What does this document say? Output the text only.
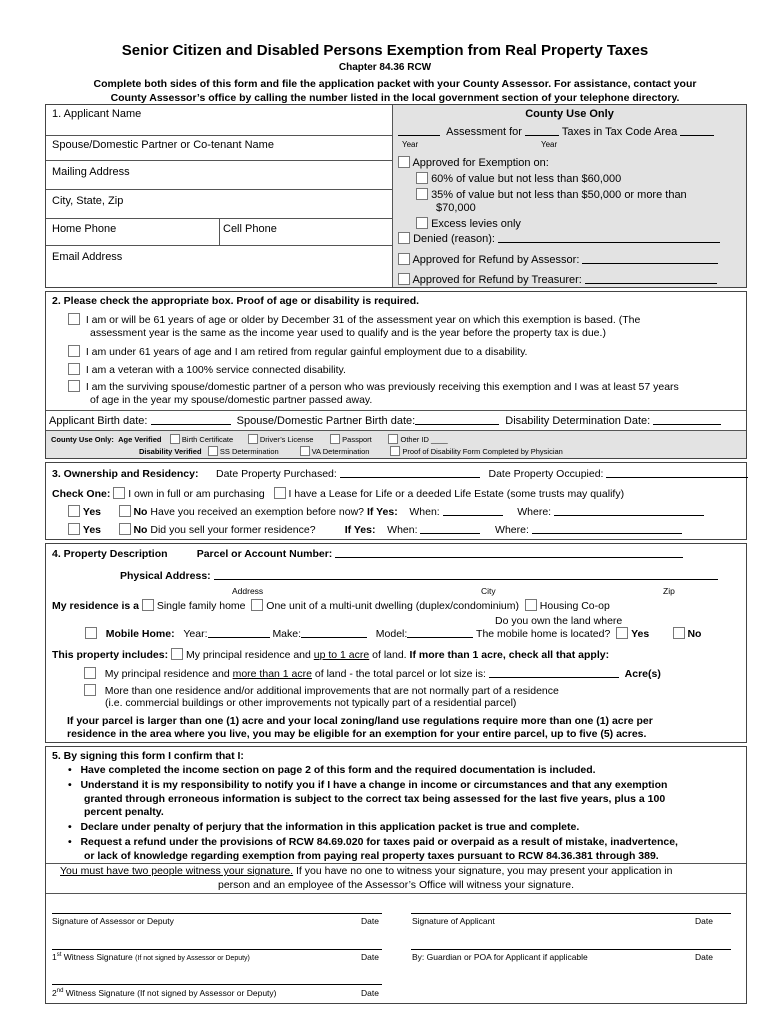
Senior Citizen and Disabled Persons Exemption from Real Property Taxes
Chapter 84.36 RCW
Complete both sides of this form and file the application packet with your County Assessor. For assistance, contact your
County Assessor’s office by calling the number listed in the local government section of your telephone directory.
1. Applicant Name
Spouse/Domestic Partner or Co-tenant Name
Mailing Address
City, State, Zip
Home Phone	Cell Phone
Email Address
County Use Only
Assessment for	Taxes in Tax Code Area
Year	Year
Approved for Exemption on:
60% of value but not less than $60,000
35% of value but not less than $50,000 or more than
$70,000
Excess levies only
Denied (reason):
Approved for Refund by Assessor:
Approved for Refund by Treasurer:
2. Please check the appropriate box. Proof of age or disability is required.
I am or will be 61 years of age or older by December 31 of the assessment year on which this exemption is based. (The
assessment year is the same as the income year used to qualify and is the year before the property tax is due.)
I am under 61 years of age and I am retired from regular gainful employment due to a disability.
I am a veteran with a 100% service connected disability.
I am the surviving spouse/domestic partner of a person who was previously receiving this exemption and I was at least 57 years
of age in the year my spouse/domestic partner passed away.
Applicant Birth date:	Spouse/Domestic Partner Birth date:	Disability Determination Date:
County Use Only: Age Verified	Birth Certificate	Driver’s License	Passport	Other ID ____
Disability Verified SS Determination	VA Determination	Proof of Disability Form Completed by Physician
3. Ownership and Residency: Date Property Purchased:	Date Property Occupied:
Check One: I own in full or am purchasing I have a Lease for Life or a deeded Life Estate (some trusts may qualify)
Yes	No Have you received an exemption before now? If Yes: When:	Where:
Yes	No Did you sell your former residence?	If Yes: When:	Where:
4. Property Description	Parcel or Account Number:
Physical Address:
Address	City	Zip
My residence is a Single family home One unit of a multi-unit dwelling (duplex/condominium) Housing Co-op
Do you own the land where
Mobile Home: Year:	Make:	Model:	The mobile home is located? Yes	No
This property includes: My principal residence and up to 1 acre of land. If more than 1 acre, check all that apply:
My principal residence and more than 1 acre of land - the total parcel or lot size is:	Acre(s)
More than one residence and/or additional improvements that are not normally part of a residence
(i.e. commercial buildings or other improvements not typically part of a residential parcel)
If your parcel is larger than one (1) acre and your local zoning/land use regulations require more than one (1) acre per
residence in the area where you live, you may be eligible for an exemption for your entire parcel, up to five (5) acres.
5. By signing this form I confirm that I:
•   Have completed the income section on page 2 of this form and the required documentation is included.
•   Understand it is my responsibility to notify you if I have a change in income or circumstances and that any exemption
granted through erroneous information is subject to the correct tax being assessed for the last five years, plus a 100
percent penalty.
•   Declare under penalty of perjury that the information in this application packet is true and complete.
•   Request a refund under the provisions of RCW 84.69.020 for taxes paid or overpaid as a result of mistake, inadvertence,
or lack of knowledge regarding exemption from paying real property taxes pursuant to RCW 84.36.381 through 389.
You must have two people witness your signature. If you have no one to witness your signature, you may present your application in
person and an employee of the Assessor’s Office will witness your signature.
Signature of Assessor or Deputy	Date	Signature of Applicant	Date
1st Witness Signature (If not signed by Assessor or Deputy)	Date	By: Guardian or POA for Applicant if applicable	Date
2nd Witness Signature (If not signed by Assessor or Deputy)	Date
